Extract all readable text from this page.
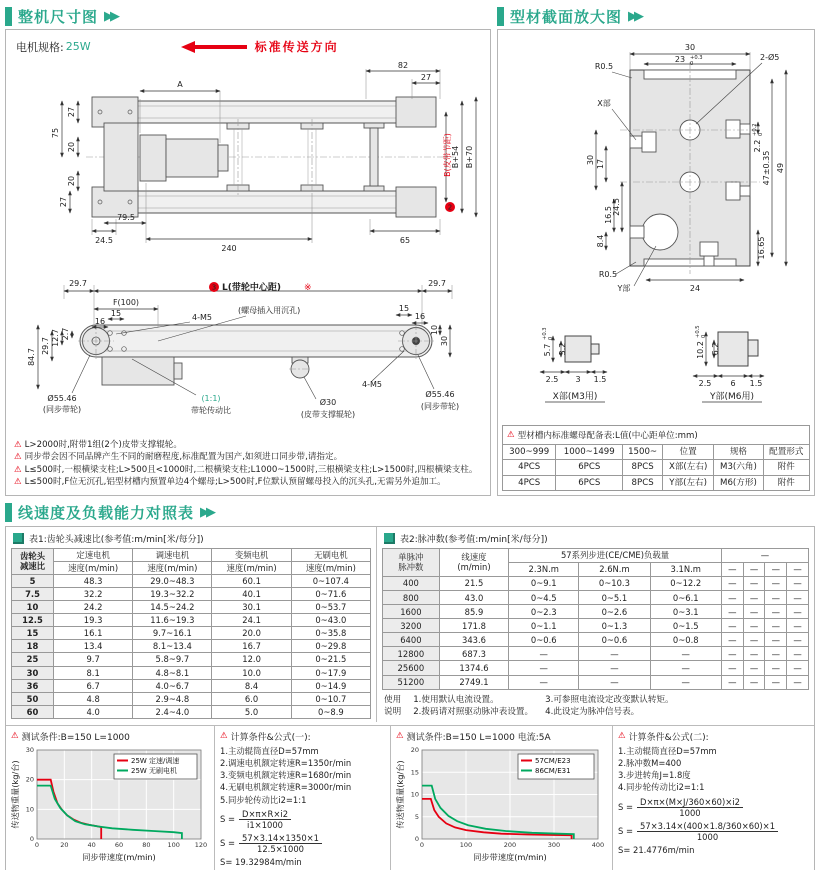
整机尺寸图 ▶▶
电机规格: 25W	标准传送方向
A
82
27
27
75
20
27
20
24.5
79.5
240
65
B(皮带节距)
2
B+54 B+70

29.7	3 L(带轮中心距)	※	29.7
F(100)
15
16
2.7
12.7
29.7
84.7
4-M5
(螺母插入用沉孔)	15
16
10
30
4-M5
Ø55.46
(同步带轮)
(1:1)
带轮传动比
Ø30
(皮带支撑辊轮)
Ø55.46
(同步带轮)
⚠ L>2000时,附带1组(2个)皮带支撑辊轮。
⚠ 同步带会因不同品牌产生不同的耐磨程度,标准配置为国产,如须进口同步带,请指定。
⚠ L≤500时,一根横梁支柱;L>500且<1000时,二根横梁支柱;L1000~1500时,三根横梁支柱;L>1500时,四根横梁支柱。
⚠ L≤500时,F位无沉孔,铝型材槽内预置单边4个螺母;L>500时,F位默认预留螺母投入的沉头孔,无需另外追加工。
型材截面放大图 ▶▶
30
23 +0.3
0
2-Ø5
R0.5
X部
30 17
16.5 24.5
8.4
R0.5
Y部	24
16.65
2.2
+0.2 0
47±0.35 49
5.7
+0.3 0
3.2
2.5 3 1.5
X部(M3用)
10.2
+0.5 0
6.2
2.5 6 1.5
Y部(M6用)
⚠ 型材槽内标准螺母配备表:L值(中心距单位:mm)
300~999	1000~1499	1500~	位置	规格	配置形式
4PCS	6PCS	8PCS	X部(左右)	M3(六角)	附件
4PCS	6PCS	8PCS	Y部(左右)	M6(方形)	附件
线速度及负载能力对照表 ▶▶
表1:齿轮头减速比(参考值:m/min[米/每分])
齿轮头
减速比	定速电机	调速电机	变频电机	无刷电机
	速度(m/min)	速度(m/min)	速度(m/min)	速度(m/min)
5	48.3	29.0~48.3	60.1	0~107.4
7.5	32.2	19.3~32.2	40.1	0~71.6
10	24.2	14.5~24.2	30.1	0~53.7
12.5	19.3	11.6~19.3	24.1	0~43.0
15	16.1	9.7~16.1	20.0	0~35.8
18	13.4	8.1~13.4	16.7	0~29.8
25	9.7	5.8~9.7	12.0	0~21.5
30	8.1	4.8~8.1	10.0	0~17.9
36	6.7	4.0~6.7	8.4	0~14.9
50	4.8	2.9~4.8	6.0	0~10.7
60	4.0	2.4~4.0	5.0	0~8.9
表2:脉冲数(参考值:m/min[米/每分])
单脉冲
脉冲数

线速度
(m/min)
	57系列步进(CE/CME)负载量	—
		2.3N.m	2.6N.m	3.1N.m	—	—	—	—
400	21.5	0~9.1	0~10.3	0~12.2	—	—	—	—
800	43.0	0~4.5	0~5.1	0~6.1	—	—	—	—
1600	85.9	0~2.3	0~2.6	0~3.1	—	—	—	—
3200	171.8	0~1.1	0~1.3	0~1.5	—	—	—	—
6400	343.6	0~0.6	0~0.6	0~0.8	—	—	—	—
12800	687.3	—	—	—	—	—	—	—
25600	1374.6	—	—	—	—	—	—	—
51200	2749.1	—	—	—	—	—	—	—
使用
说明
1.使用默认电流设置。
2.拨码请对照驱动脉冲表设置。
3.可参照电流设定改变默认转矩。
4.此设定为脉冲信号表。
⚠ 测试条件:B=150 L=1000
0	20	40	60	80	100 120
0
10
20
30
25W 定速/调速
25W 无刷电机
同步带速度(m/min)
传送物重量(kg/台)
⚠ 计算条件&公式(一):
1.主动辊筒直径D=57mm
2.调速电机额定转速R=1350r/min
3.变频电机额定转速R=1680r/min
4.无刷电机额定转速R=3000r/min
5.同步轮传动比i2=1:1
$S = \frac{D\times\pi\times R\times i2}{i1\times 1000}$
$S = \frac{57\times 3.14\times 1350\times 1}{12.5\times 1000}$
S= 19.32984m/min
⚠ 测试条件:B=150 L=1000 电流:5A
0	100	200	300	400
0
5
10
15
20
57CM/E23
86CM/E31
同步带速度(m/min)
传送物重量(kg/台)
⚠ 计算条件&公式(二):
1.主动辊筒直径D=57mm
2.脉冲数M=400
3.步进转角J=1.8度
4.同步轮传动比i2=1:1
$S = \frac{D\times\pi\times(M\times J/360\times 60)\times i2}{1000}$
$S = \frac{57\times 3.14\times(400\times 1.8/360\times 60)\times 1}{1000}$
S= 21.4776m/min
